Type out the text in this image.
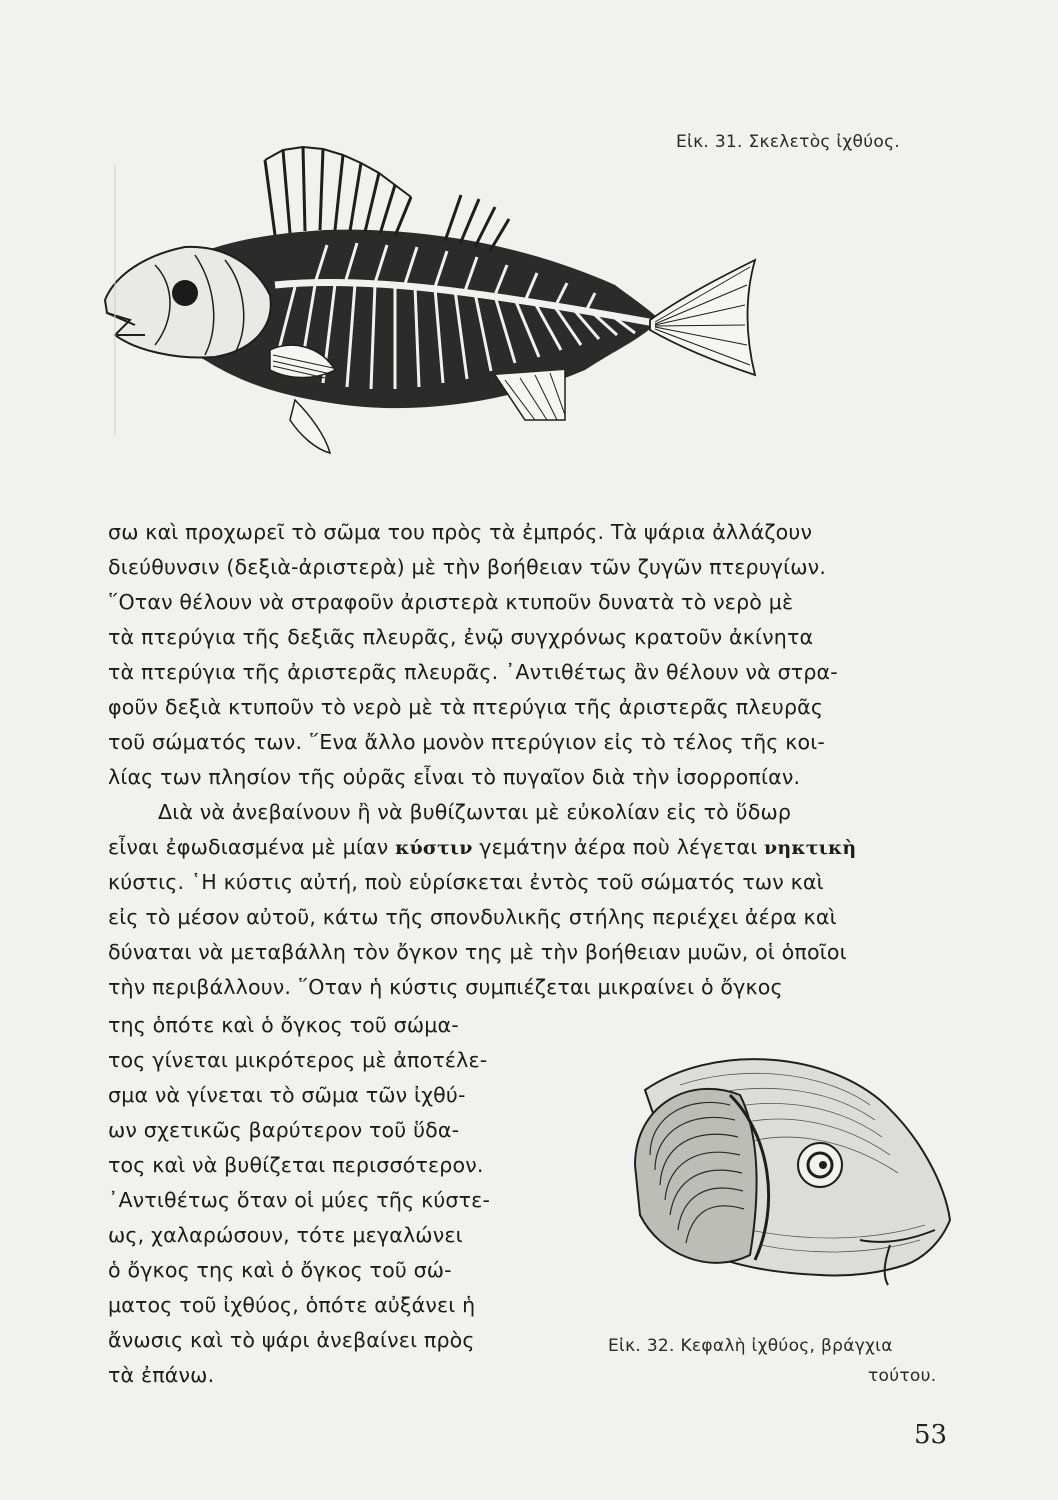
Εἰκ. 31. Σκελετὸς ἰχθύος.
σω καὶ προχωρεῖ τὸ σῶμα του πρὸς τὰ ἐμπρός. Τὰ ψάρια ἀλλάζουν
διεύθυνσιν (δεξιὰ-ἀριστερὰ) μὲ τὴν βοήθειαν τῶν ζυγῶν πτερυγίων.
῞Οταν θέλουν νὰ στραφοῦν ἀριστερὰ κτυποῦν δυνατὰ τὸ νερὸ μὲ
τὰ πτερύγια τῆς δεξιᾶς πλευρᾶς, ἐνῷ συγχρόνως κρατοῦν ἀκίνητα
τὰ πτερύγια τῆς ἀριστερᾶς πλευρᾶς. ᾿Αντιθέτως ἂν θέλουν νὰ στρα-
φοῦν δεξιὰ κτυποῦν τὸ νερὸ μὲ τὰ πτερύγια τῆς ἀριστερᾶς πλευρᾶς
τοῦ σώματός των. ῞Ενα ἄλλο μονὸν πτερύγιον εἰς τὸ τέλος τῆς κοι-
λίας των πλησίον τῆς οὐρᾶς εἶναι τὸ πυγαῖον διὰ τὴν ἰσορροπίαν.
Διὰ νὰ ἀνεβαίνουν ἢ νὰ βυθίζωνται μὲ εὐκολίαν εἰς τὸ ὕδωρ
εἶναι ἐφωδιασμένα μὲ μίαν κύστιν γεμάτην ἀέρα ποὺ λέγεται νηκτικὴ
κύστις. ῾Η κύστις αὐτή, ποὺ εὑρίσκεται ἐντὸς τοῦ σώματός των καὶ
εἰς τὸ μέσον αὐτοῦ, κάτω τῆς σπονδυλικῆς στήλης περιέχει ἀέρα καὶ
δύναται νὰ μεταβάλλη τὸν ὄγκον της μὲ τὴν βοήθειαν μυῶν, οἱ ὁποῖοι
τὴν περιβάλλουν. ῞Οταν ἡ κύστις συμπιέζεται μικραίνει ὁ ὄγκος
της ὁπότε καὶ ὁ ὄγκος τοῦ σώμα-
τος γίνεται μικρότερος μὲ ἀποτέλε-
σμα νὰ γίνεται τὸ σῶμα τῶν ἰχθύ-
ων σχετικῶς βαρύτερον τοῦ ὕδα-
τος καὶ νὰ βυθίζεται περισσότερον.
᾿Αντιθέτως ὅταν οἱ μύες τῆς κύστε-
ως, χαλαρώσουν, τότε μεγαλώνει
ὁ ὄγκος της καὶ ὁ ὄγκος τοῦ σώ-
ματος τοῦ ἰχθύος, ὁπότε αὐξάνει ἡ
ἄνωσις καὶ τὸ ψάρι ἀνεβαίνει πρὸς
τὰ ἐπάνω.
Εἰκ. 32. Κεφαλὴ ἰχθύος, βράγχια
τούτου.
53
